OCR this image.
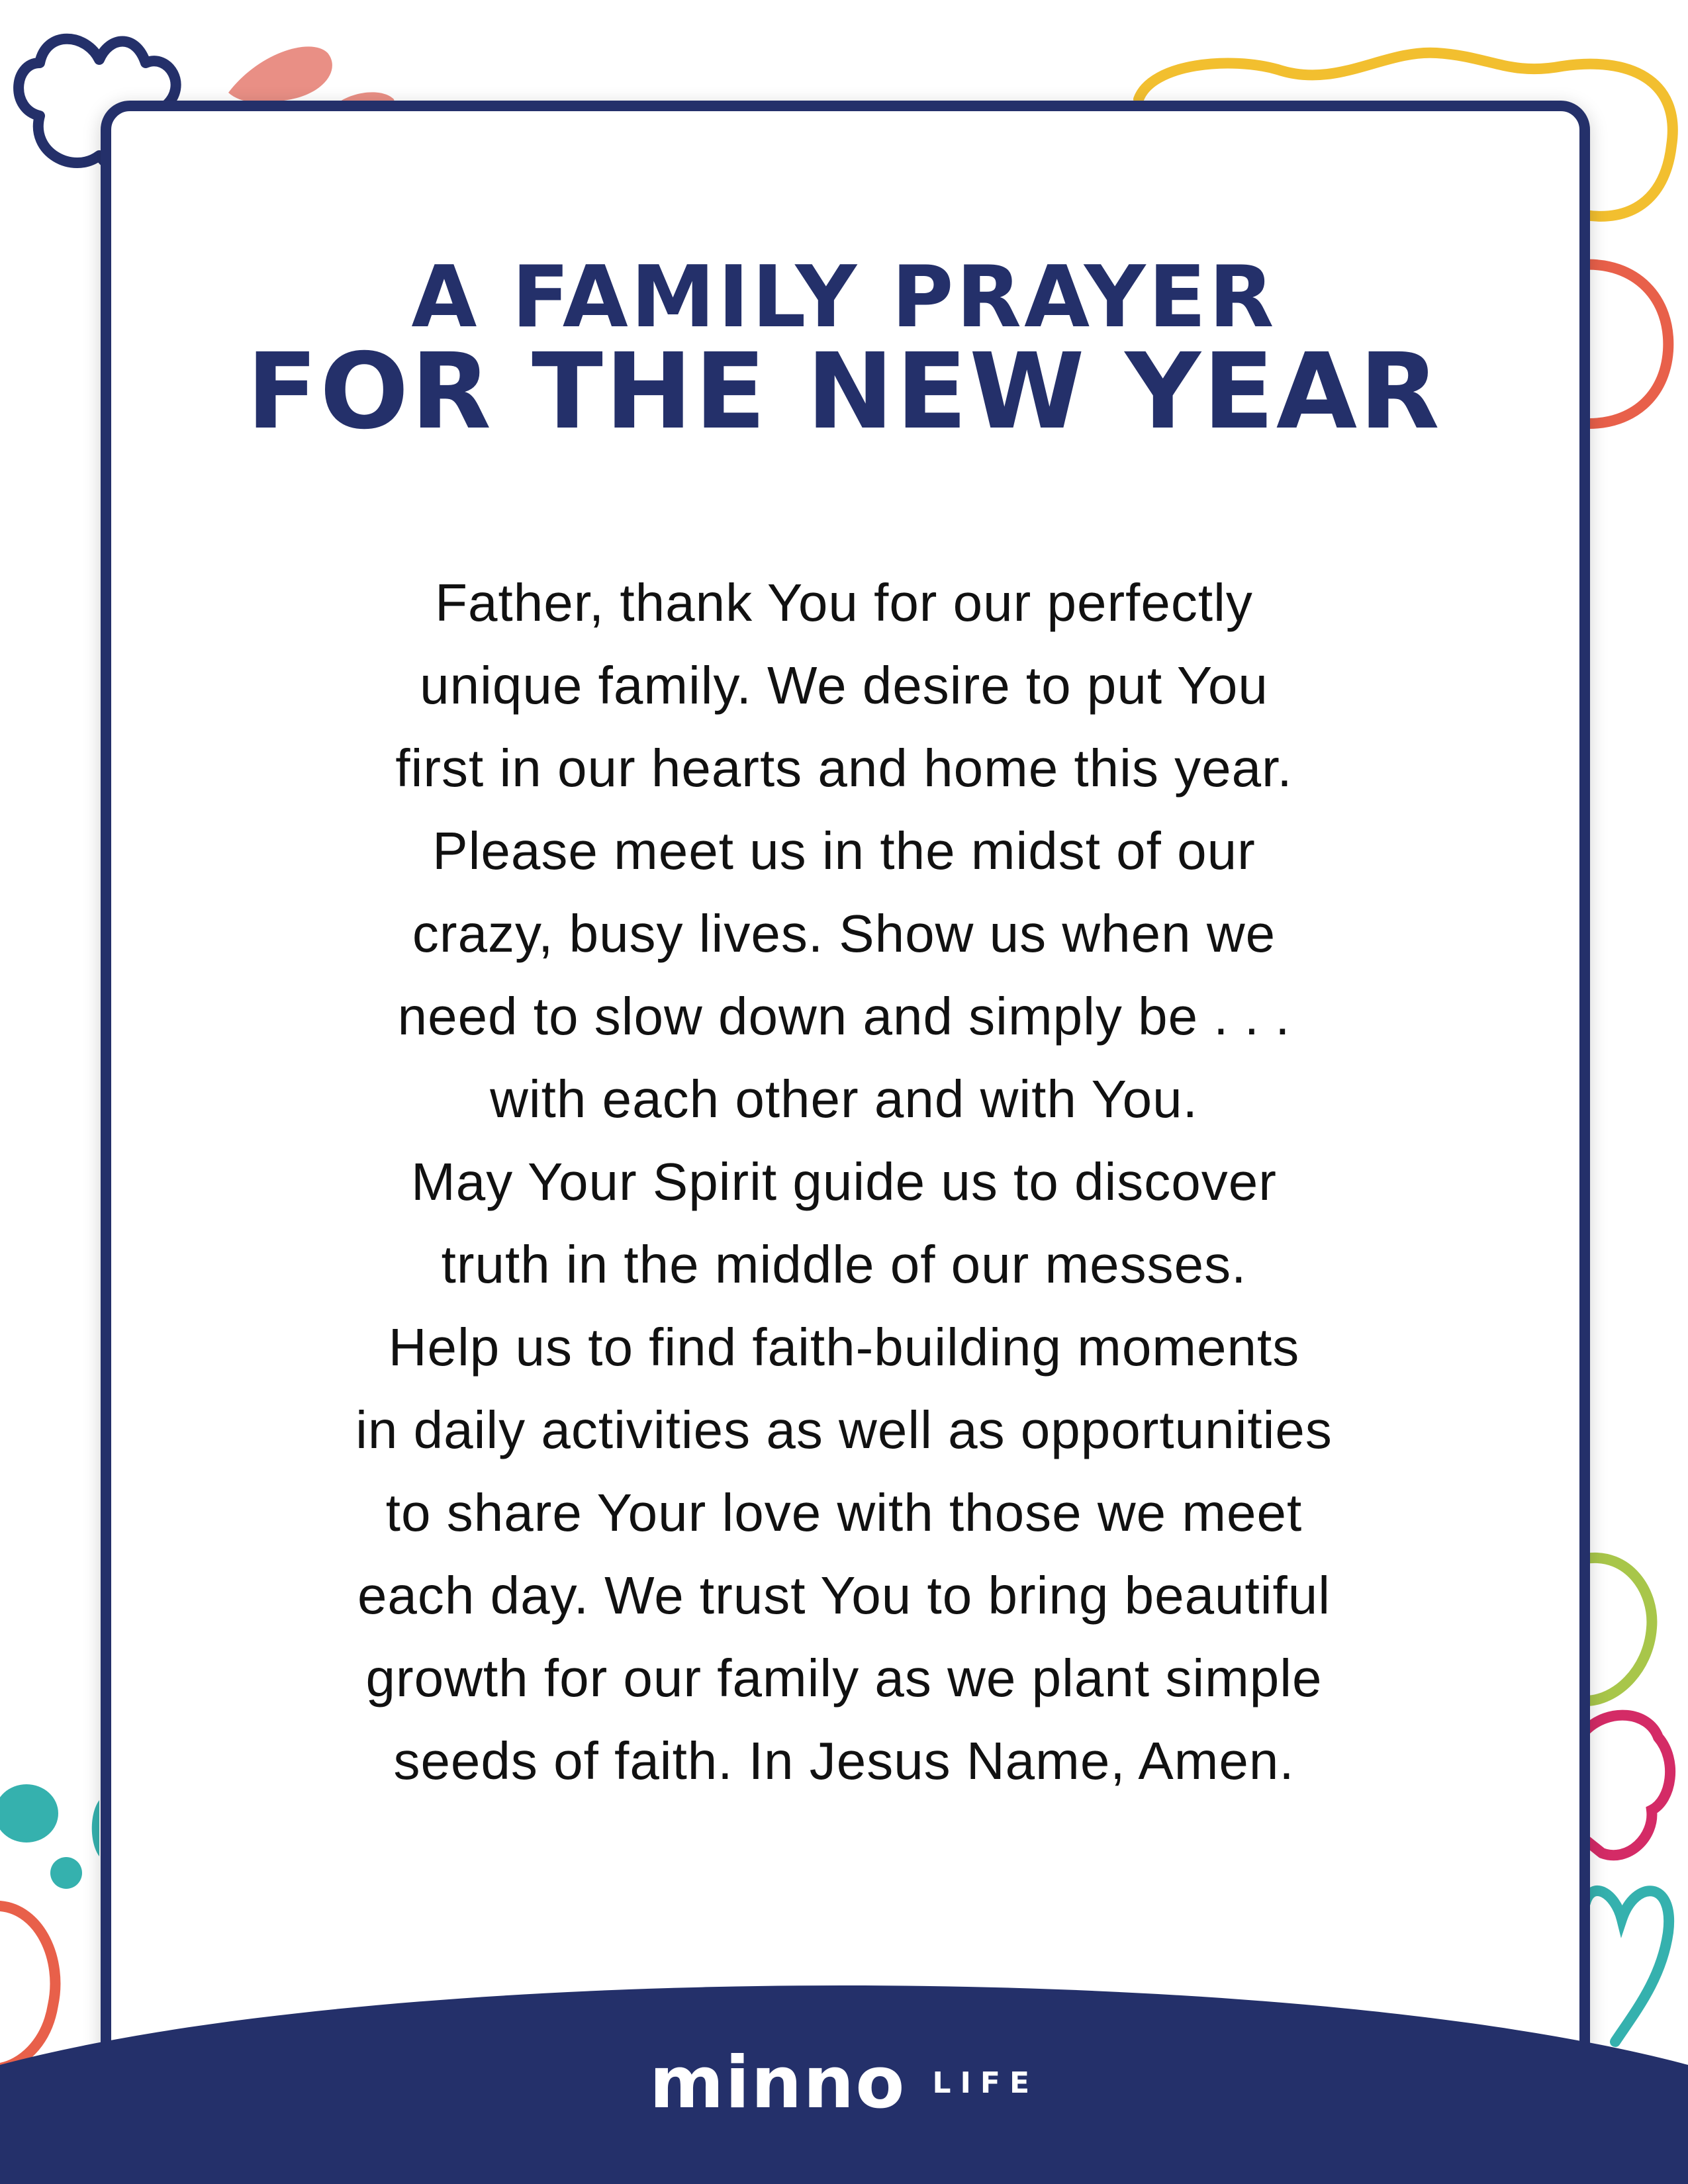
A FAMILY PRAYER
FOR THE NEW YEAR
Father, thank You for our perfectly
unique family. We desire to put You
first in our hearts and home this year.
Please meet us in the midst of our
crazy, busy lives. Show us when we
need to slow down and simply be . . .
with each other and with You.
May Your Spirit guide us to discover
truth in the middle of our messes.
Help us to find faith-building moments
in daily activities as well as opportunities
to share Your love with those we meet
each day. We trust You to bring beautiful
growth for our family as we plant simple
seeds of faith. In Jesus Name, Amen.
minno LIFE
